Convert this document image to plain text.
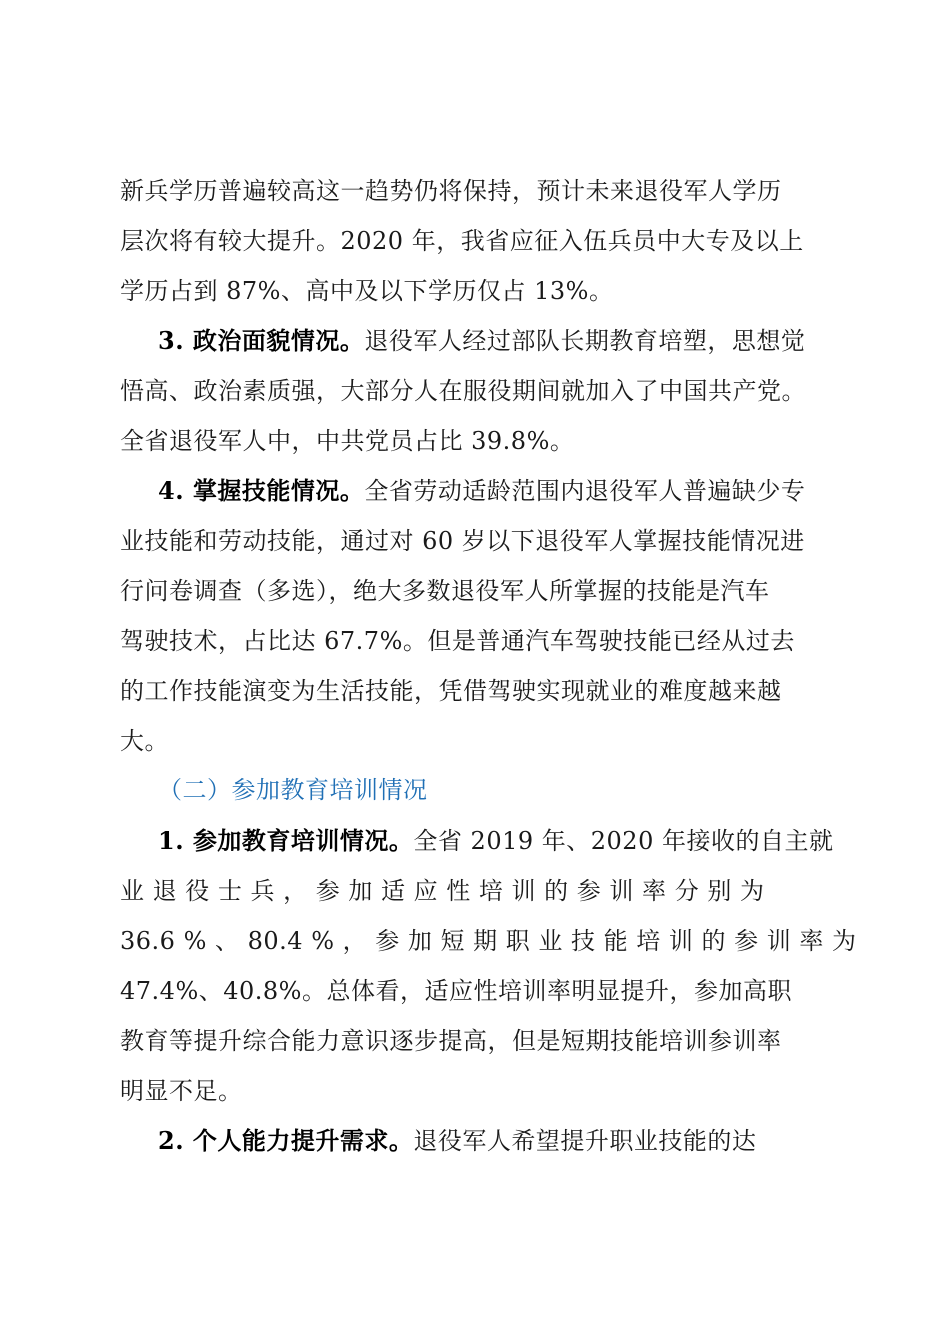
新兵学历普遍较高这一趋势仍将保持，预计未来退役军人学历
层次将有较大提升。2020 年，我省应征入伍兵员中大专及以上
学历占到 87%、高中及以下学历仅占 13%。
3. 政治面貌情况。退役军人经过部队长期教育培塑，思想觉
悟高、政治素质强，大部分人在服役期间就加入了中国共产党。
全省退役军人中，中共党员占比 39.8%。
4. 掌握技能情况。全省劳动适龄范围内退役军人普遍缺少专
业技能和劳动技能，通过对 60 岁以下退役军人掌握技能情况进
行问卷调查（多选），绝大多数退役军人所掌握的技能是汽车
驾驶技术，占比达 67.7%。但是普通汽车驾驶技能已经从过去
的工作技能演变为生活技能，凭借驾驶实现就业的难度越来越
大。
（二）参加教育培训情况
1. 参加教育培训情况。全省 2019 年、2020 年接收的自主就
业 退 役 士 兵 ， 参 加 适 应 性 培 训 的 参 训 率 分 别 为
36.6 % 、 80.4 % ， 参 加 短 期 职 业 技 能 培 训 的 参 训 率 为
47.4%、40.8%。总体看，适应性培训率明显提升，参加高职
教育等提升综合能力意识逐步提高，但是短期技能培训参训率
明显不足。
2. 个人能力提升需求。退役军人希望提升职业技能的达
